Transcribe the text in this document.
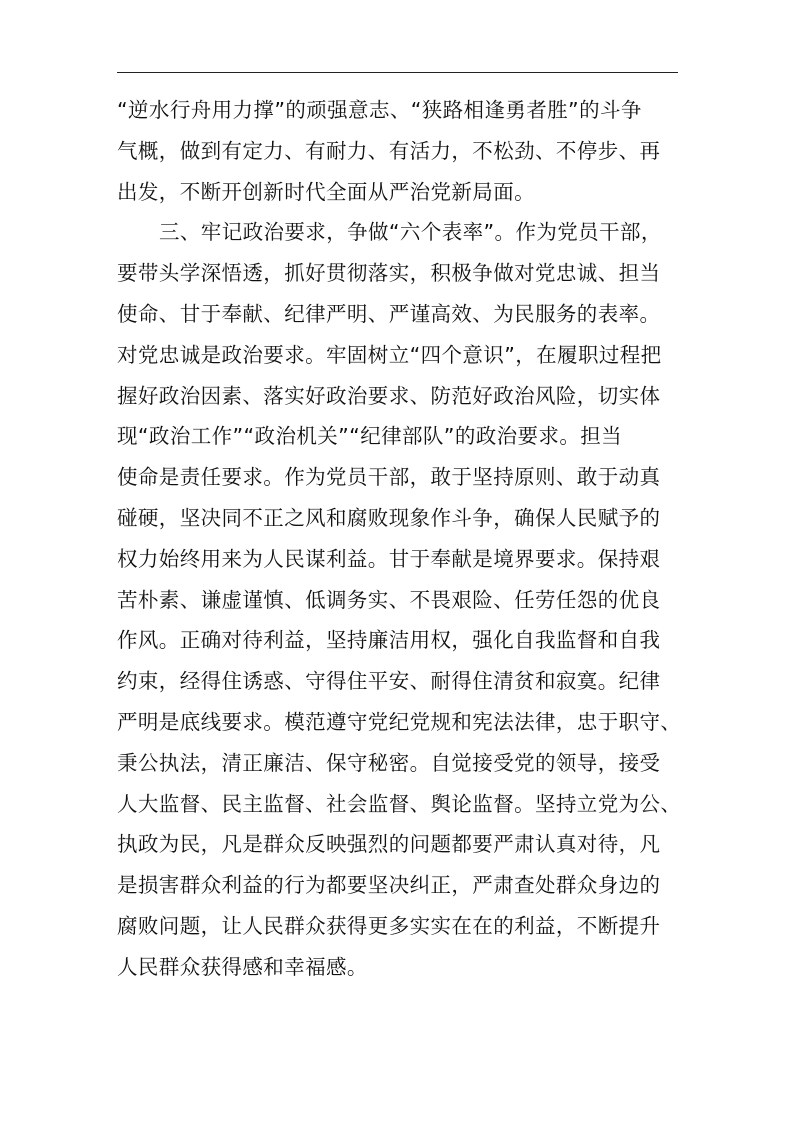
“逆水行舟用力撑”的顽强意志、“狭路相逢勇者胜”的斗争
气概，做到有定力、有耐力、有活力，不松劲、不停步、再
出发，不断开创新时代全面从严治党新局面。
三、牢记政治要求，争做“六个表率”。作为党员干部，
要带头学深悟透，抓好贯彻落实，积极争做对党忠诚、担当
使命、甘于奉献、纪律严明、严谨高效、为民服务的表率。
对党忠诚是政治要求。牢固树立“四个意识”，在履职过程把
握好政治因素、落实好政治要求、防范好政治风险，切实体
现“政治工作”“政治机关”“纪律部队”的政治要求。担当
使命是责任要求。作为党员干部，敢于坚持原则、敢于动真
碰硬，坚决同不正之风和腐败现象作斗争，确保人民赋予的
权力始终用来为人民谋利益。甘于奉献是境界要求。保持艰
苦朴素、谦虚谨慎、低调务实、不畏艰险、任劳任怨的优良
作风。正确对待利益，坚持廉洁用权，强化自我监督和自我
约束，经得住诱惑、守得住平安、耐得住清贫和寂寞。纪律
严明是底线要求。模范遵守党纪党规和宪法法律，忠于职守、
秉公执法，清正廉洁、保守秘密。自觉接受党的领导，接受
人大监督、民主监督、社会监督、舆论监督。坚持立党为公、
执政为民，凡是群众反映强烈的问题都要严肃认真对待，凡
是损害群众利益的行为都要坚决纠正，严肃查处群众身边的
腐败问题，让人民群众获得更多实实在在的利益，不断提升
人民群众获得感和幸福感。
